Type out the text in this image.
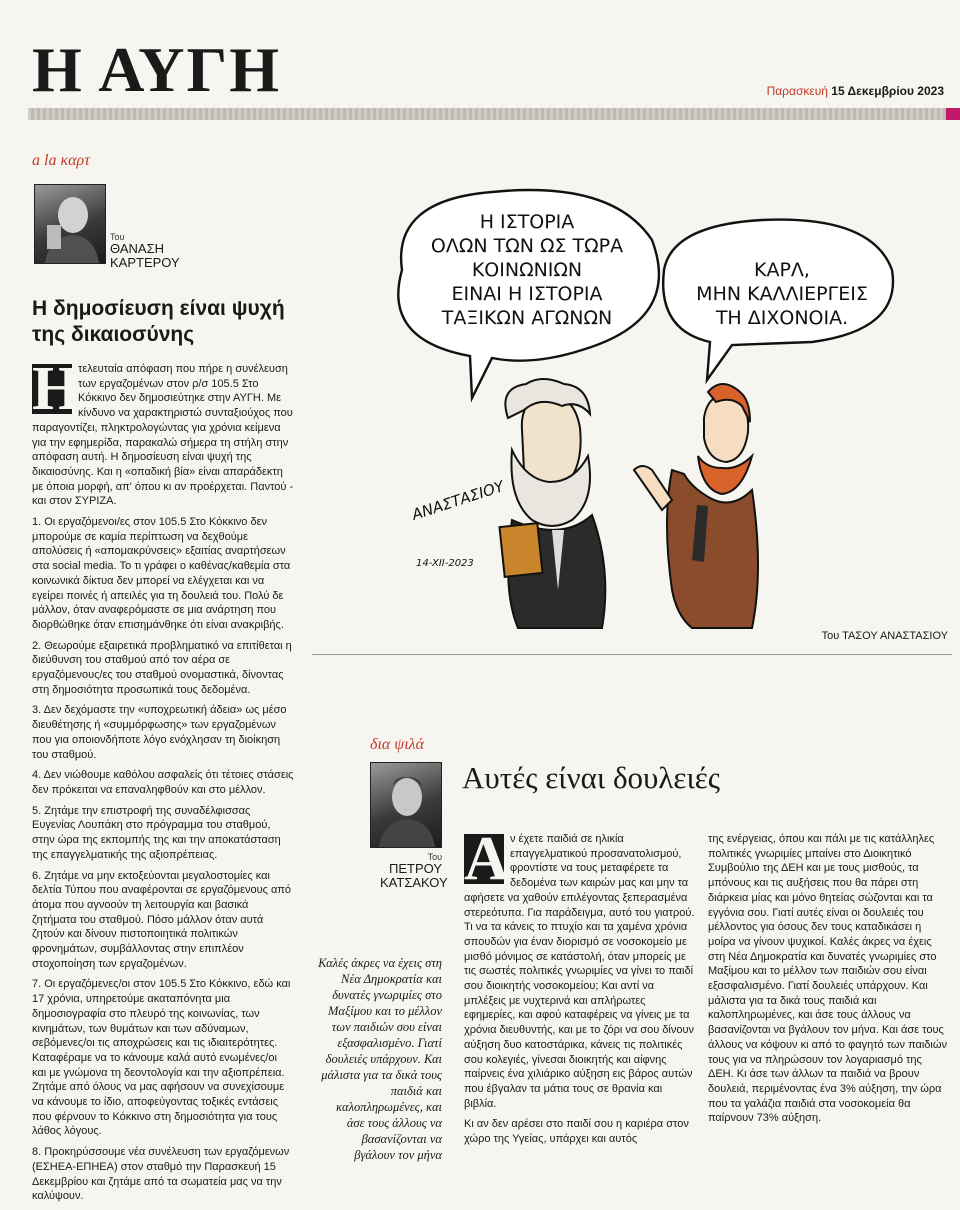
Η ΑΥΓΗ	Παρασκευή 15 Δεκεμβρίου 2023
a la καρτ
Του
ΘΑΝΑΣΗ
ΚΑΡΤΕΡΟΥ
Η δημοσίευση είναι ψυχή της δικαιοσύνης

Η
τελευταία απόφαση που πήρε η συνέλευση των εργαζομένων στον ρ/σ 105.5 Στο Κόκκινο δεν δημοσιεύτηκε στην ΑΥΓΗ. Με κίνδυνο να χαρακτηριστώ συνταξιούχος που παραγοντίζει, πληκτρολογώντας για χρόνια κείμενα για την εφημερίδα, παρακαλώ σήμερα τη στήλη στην απόφαση αυτή. Η δημοσίευση είναι ψυχή της δικαιοσύνης. Και η «οπαδική βία» είναι απαράδεκτη με όποια μορφή, απ' όπου κι αν προέρχεται. Παντού - και στον ΣΥΡΙΖΑ.

1. Οι εργαζόμενοι/ες στον 105.5 Στο Κόκκινο δεν μπορούμε σε καμία περίπτωση να δεχθούμε απολύσεις ή «απομακρύνσεις» εξαιτίας αναρτήσεων στα social media. Το τι γράφει ο καθένας/καθεμία στα κοινωνικά δίκτυα δεν μπορεί να ελέγχεται και να εγείρει ποινές ή απειλές για τη δουλειά του. Πολύ δε μάλλον, όταν αναφερόμαστε σε μια ανάρτηση που διορθώθηκε όταν επισημάνθηκε ότι είναι ανακριβής.

2. Θεωρούμε εξαιρετικά προβληματικό να επιτίθεται η διεύθυνση του σταθμού από τον αέρα σε εργαζόμενους/ες του σταθμού ονομαστικά, δίνοντας στη δημοσιότητα προσωπικά τους δεδομένα.

3. Δεν δεχόμαστε την «υποχρεωτική άδεια» ως μέσο διευθέτησης ή «συμμόρφωσης» των εργαζομένων που για οποιονδήποτε λόγο ενόχλησαν τη διοίκηση του σταθμού.

4. Δεν νιώθουμε καθόλου ασφαλείς ότι τέτοιες στάσεις δεν πρόκειται να επαναληφθούν και στο μέλλον.

5. Ζητάμε την επιστροφή της συναδέλφισσας Ευγενίας Λουπάκη στο πρόγραμμα του σταθμού, στην ώρα της εκπομπής της και την αποκατάσταση της επαγγελματικής της αξιοπρέπειας.

6. Ζητάμε να μην εκτοξεύονται μεγαλοστομίες και δελτία Τύπου που αναφέρονται σε εργαζόμενους από άτομα που αγνοούν τη λειτουργία και βασικά ζητήματα του σταθμού. Πόσο μάλλον όταν αυτά ζητούν και δίνουν πιστοποιητικά πολιτικών φρονημάτων, συμβάλλοντας στην επιπλέον στοχοποίηση των εργαζομένων.

7. Οι εργαζόμενες/οι στον 105.5 Στο Κόκκινο, εδώ και 17 χρόνια, υπηρετούμε ακαταπόνητα μια δημοσιογραφία στο πλευρό της κοινωνίας, των κινημάτων, των θυμάτων και των αδύναμων, σεβόμενες/οι τις αποχρώσεις και τις ιδιαιτερότητες. Καταφέραμε να το κάνουμε καλά αυτό ενωμένες/οι και με γνώμονα τη δεοντολογία και την αξιοπρέπεια. Ζητάμε από όλους να μας αφήσουν να συνεχίσουμε να κάνουμε το ίδιο, αποφεύγοντας τοξικές εντάσεις που φέρνουν το Κόκκινο στη δημοσιότητα για τους λάθος λόγους.

8. Προκηρύσσουμε νέα συνέλευση των εργαζόμενων (ΕΣΗΕΑ-ΕΠΗΕΑ) στον σταθμό την Παρασκευή 15 Δεκεμβρίου και ζητάμε από τα σωματεία μας να την καλύψουν.

Η ΙΣΤΟΡΙΑ
ΟΛΩΝ ΤΩΝ ΩΣ ΤΩΡΑ
ΚΟΙΝΩΝΙΩΝ
ΕΙΝΑΙ Η ΙΣΤΟΡΙΑ
ΤΑΞΙΚΩΝ ΑΓΩΝΩΝ
ΚΑΡΛ,
ΜΗΝ ΚΑΛΛΙΕΡΓΕΙΣ
ΤΗ ΔΙΧΟΝΟΙΑ.
ΑΝΑΣΤΑΣΙΟΥ
14-XII-2023
Του ΤΑΣΟΥ ΑΝΑΣΤΑΣΙΟΥ
δια ψιλά
Του
ΠΕΤΡΟΥ
ΚΑΤΣΑΚΟΥ
Αυτές είναι δουλειές
Καλές άκρες να έχεις στη Νέα Δημοκρατία και δυνατές γνωριμίες στο Μαξίμου και το μέλλον των παιδιών σου είναι εξασφαλισμένο. Γιατί δουλειές υπάρχουν. Και μάλιστα για τα δικά τους παιδιά και καλοπληρωμένες, και άσε τους άλλους να βασανίζονται να βγάλουν τον μήνα

Α ν έχετε παιδιά σε ηλικία επαγγελματικού προσανατολισμού, φροντίστε να τους μεταφέρετε τα δεδομένα των καιρών μας και μην τα αφήσετε να χαθούν επιλέγοντας ξεπερασμένα στερεότυπα. Για παράδειγμα, αυτό του γιατρού. Τι να τα κάνεις το πτυχίο και τα χαμένα χρόνια σπουδών για έναν διορισμό σε νοσοκομείο με μισθό μόνιμος σε κατάστολή, όταν μπορείς με τις σωστές πολιτικές γνωριμίες να γίνει το παιδί σου διοικητής νοσοκομείου; Και αντί να μπλέξεις με νυχτερινά και απλήρωτες εφημερίες, και αφού καταφέρεις να γίνεις με τα χρόνια διευθυντής, και με το ζόρι να σου δίνουν αύξηση δυο κατοστάρικα, κάνεις τις πολιτικές σου κολεγιές, γίνεσαι διοικητής και αίφνης παίρνεις ένα χιλιάρικο αύξηση εις βάρος αυτών που έβγαλαν τα μάτια τους σε θρανία και βιβλία.

Κι αν δεν αρέσει στο παιδί σου η καριέρα στον χώρο της Υγείας, υπάρχει και αυτός

της ενέργειας, όπου και πάλι με τις κατάλληλες πολιτικές γνωριμίες μπαίνει στο Διοικητικό Συμβούλιο της ΔΕΗ και με τους μισθούς, τα μπόνους και τις αυξήσεις που θα πάρει στη διάρκεια μίας και μόνο θητείας σώζονται και τα εγγόνια σου. Γιατί αυτές είναι οι δουλειές του μέλλοντος για όσους δεν τους καταδικάσει η μοίρα να γίνουν ψυχικοί. Καλές άκρες να έχεις στη Νέα Δημοκρατία και δυνατές γνωριμίες στο Μαξίμου και το μέλλον των παιδιών σου είναι εξασφαλισμένο. Γιατί δουλειές υπάρχουν. Και μάλιστα για τα δικά τους παιδιά και καλοπληρωμένες, και άσε τους άλλους να βασανίζονται να βγάλουν τον μήνα. Και άσε τους άλλους να κόψουν κι από το φαγητό των παιδιών τους για να πληρώσουν τον λογαριασμό της ΔΕΗ. Κι άσε των άλλων τα παιδιά να βρουν δουλειά, περιμένοντας ένα 3% αύξηση, την ώρα που τα γαλάζια παιδιά στα νοσοκομεία θα παίρνουν 73% αύξηση.
